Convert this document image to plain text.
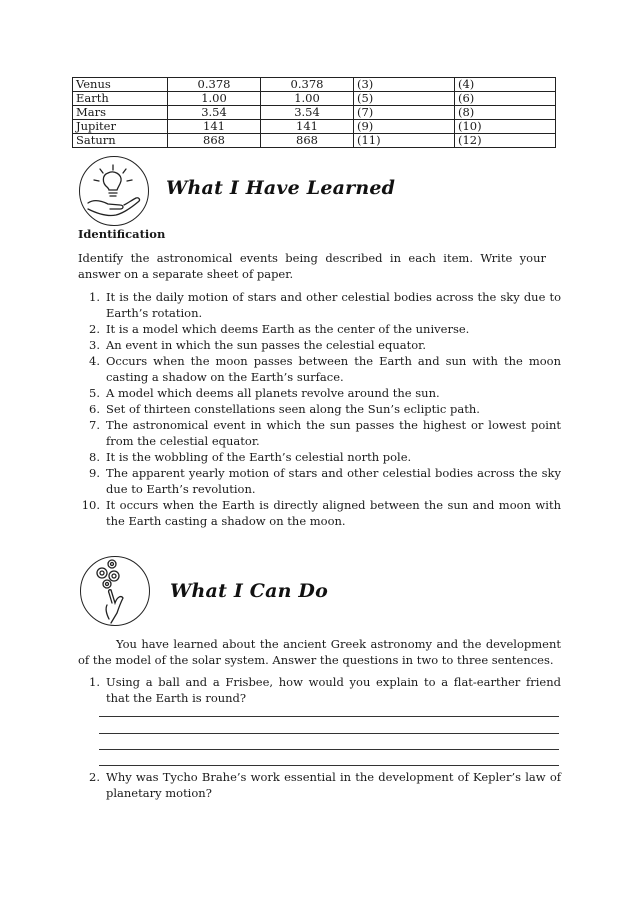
Venus	0.378	0.378	(3)	(4)
Earth	1.00	1.00	(5)	(6)
Mars	3.54	3.54	(7)	(8)
Jupiter	141	141	(9)	(10)
Saturn	868	868	(11)	(12)
What I Have Learned
Identification
Identify the astronomical events being described in each item. Write your answer on a separate sheet of paper.
1. It is the daily motion of stars and other celestial bodies across the sky due to Earth’s rotation.
2. It is a model which deems Earth as the center of the universe.
3. An event in which the sun passes the celestial equator.
4. Occurs when the moon passes between the Earth and sun with the moon casting a shadow on the Earth’s surface.
5. A model which deems all planets revolve around the sun.
6. Set of thirteen constellations seen along the Sun’s ecliptic path.
7. The astronomical event in which the sun passes the highest or lowest point from the celestial equator.
8. It is the wobbling of the Earth’s celestial north pole.
9. The apparent yearly motion of stars and other celestial bodies across the sky due to Earth’s revolution.
10. It occurs when the Earth is directly aligned between the sun and moon with the Earth casting a shadow on the moon.
What I Can Do
You have learned about the ancient Greek astronomy and the development of the model of the solar system. Answer the questions in two to three sentences.
1. Using a ball and a Frisbee, how would you explain to a flat-earther friend that the Earth is round?
2. Why was Tycho Brahe’s work essential in the development of Kepler’s law of planetary motion?
